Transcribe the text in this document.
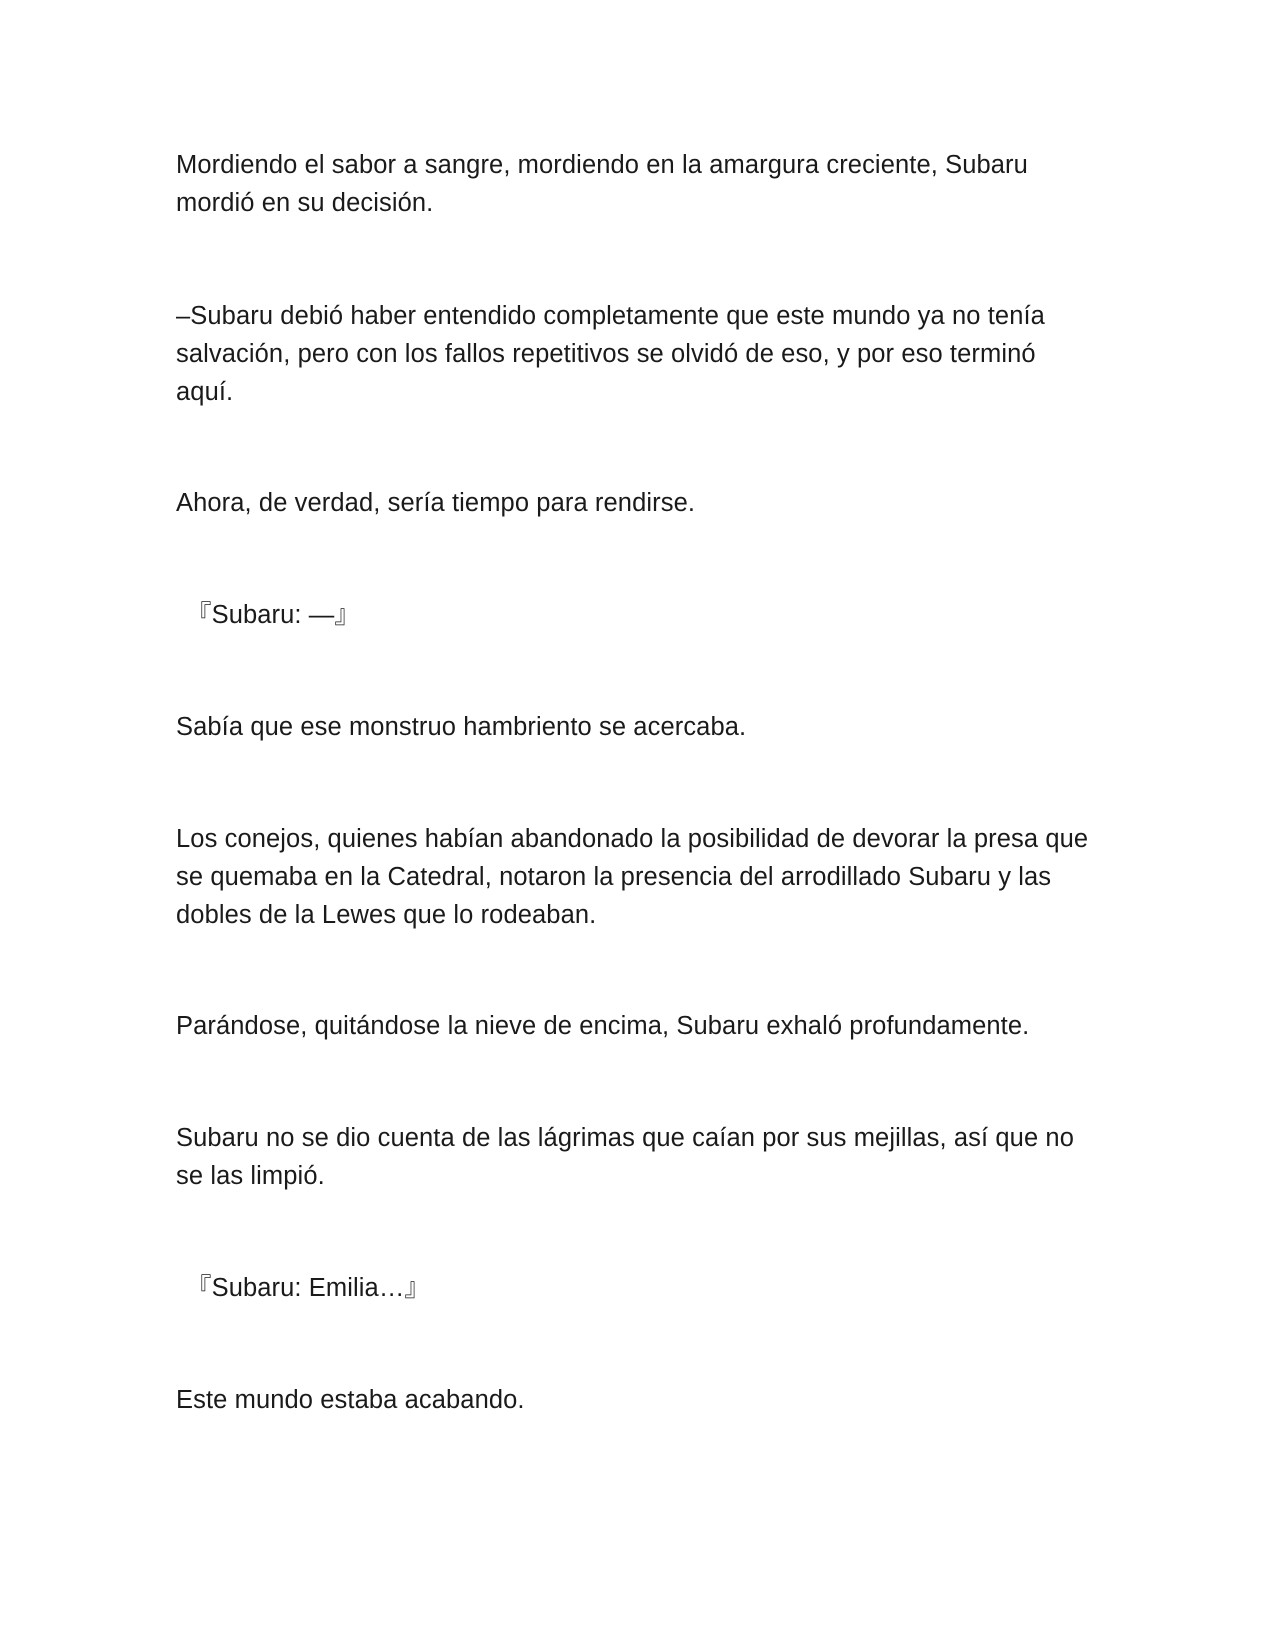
Mordiendo el sabor a sangre, mordiendo en la amargura creciente, Subaru mordió en su decisión.

–Subaru debió haber entendido completamente que este mundo ya no tenía salvación, pero con los fallos repetitivos se olvidó de eso, y por eso terminó aquí.

Ahora, de verdad, sería tiempo para rendirse.

『Subaru: —』

Sabía que ese monstruo hambriento se acercaba.

Los conejos, quienes habían abandonado la posibilidad de devorar la presa que se quemaba en la Catedral, notaron la presencia del arrodillado Subaru y las dobles de la Lewes que lo rodeaban.

Parándose, quitándose la nieve de encima, Subaru exhaló profundamente.

Subaru no se dio cuenta de las lágrimas que caían por sus mejillas, así que no se las limpió.

『Subaru: Emilia…』

Este mundo estaba acabando.
